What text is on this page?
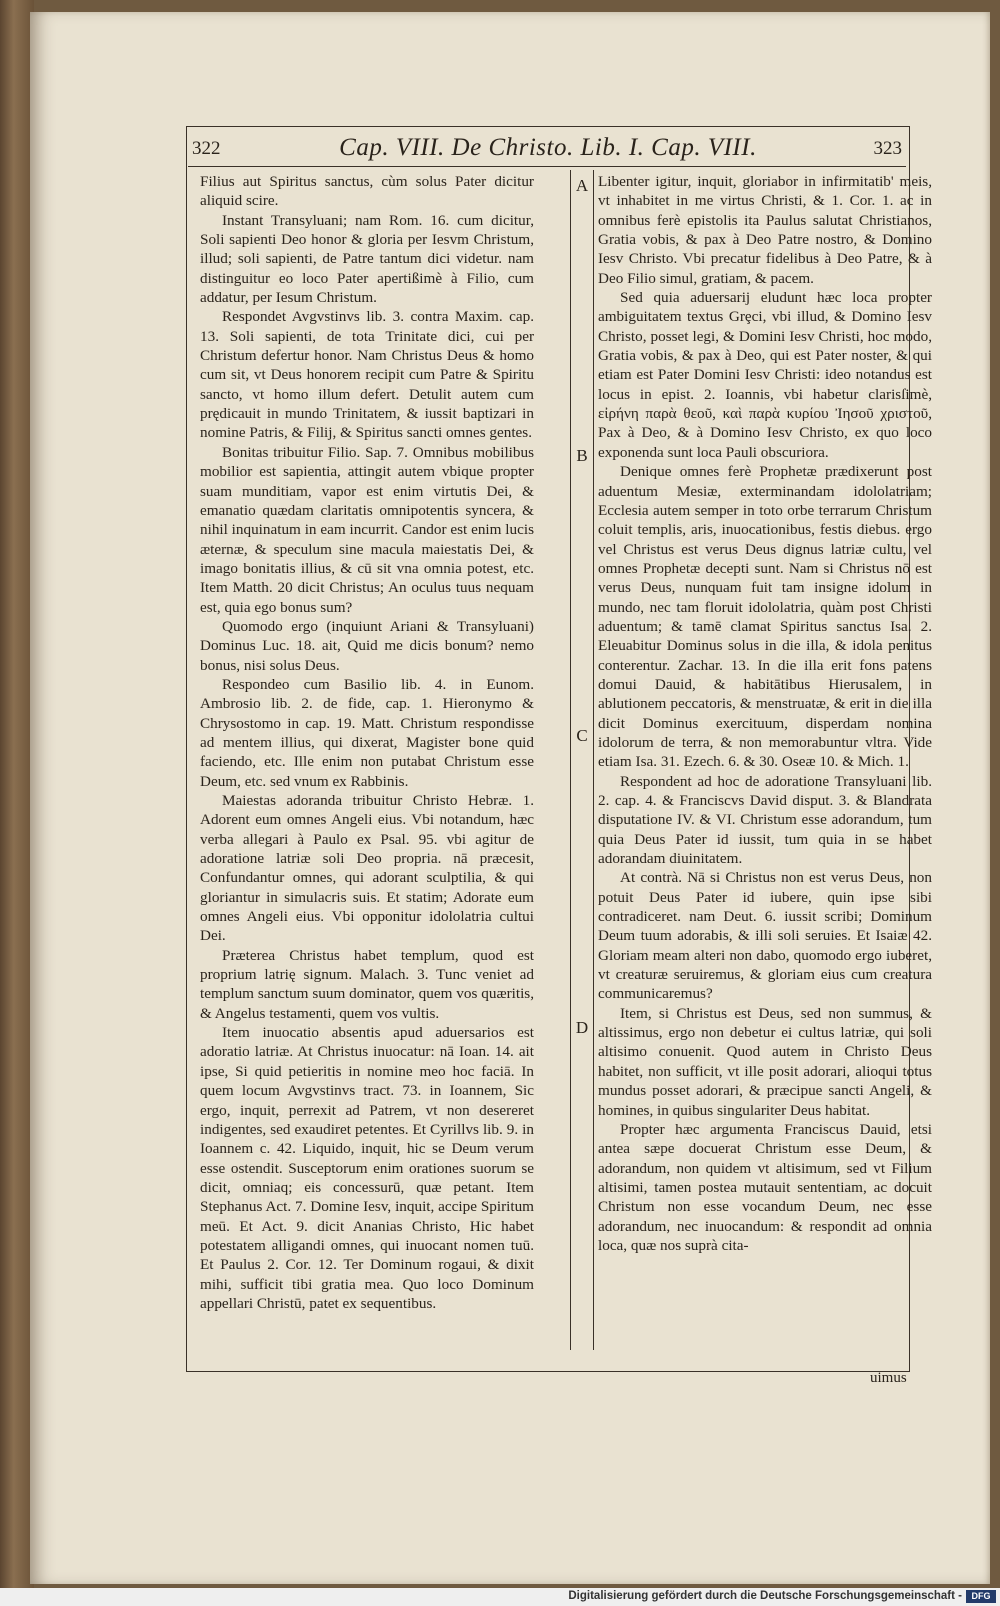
322	Cap. VIII. De Christo. Lib. I. Cap. VIII.	323

Filius aut Spiritus sanctus, cùm solus Pater dicitur aliquid scire.

Instant Transyluani; nam Rom. 16. cum dicitur, Soli sapienti Deo honor & gloria per Iesvm Christum, illud; soli sapienti, de Patre tantum dici videtur. nam distinguitur eo loco Pater apertißimè à Filio, cum addatur, per Iesum Christum.

Respondet Avgvstinvs lib. 3. contra Maxim. cap. 13. Soli sapienti, de tota Trinitate dici, cui per Christum defertur honor. Nam Christus Deus & homo cum sit, vt Deus honorem recipit cum Patre & Spiritu sancto, vt homo illum defert. Detulit autem cum prędicauit in mundo Trinitatem, & iussit baptizari in nomine Patris, & Filij, & Spiritus sancti omnes gentes.

Bonitas tribuitur Filio. Sap. 7. Omnibus mobilibus mobilior est sapientia, attingit autem vbique propter suam munditiam, vapor est enim virtutis Dei, & emanatio quædam claritatis omnipotentis syncera, & nihil inquinatum in eam incurrit. Candor est enim lucis æternæ, & speculum sine macula maiestatis Dei, & imago bonitatis illius, & cū sit vna omnia potest, etc. Item Matth. 20 dicit Christus; An oculus tuus nequam est, quia ego bonus sum?

Quomodo ergo (inquiunt Ariani & Transyluani) Dominus Luc. 18. ait, Quid me dicis bonum? nemo bonus, nisi solus Deus.

Respondeo cum Basilio lib. 4. in Eunom. Ambrosio lib. 2. de fide, cap. 1. Hieronymo & Chrysostomo in cap. 19. Matt. Christum respondisse ad mentem illius, qui dixerat, Magister bone quid faciendo, etc. Ille enim non putabat Christum esse Deum, etc. sed vnum ex Rabbinis.

Maiestas adoranda tribuitur Christo Hebræ. 1. Adorent eum omnes Angeli eius. Vbi notandum, hæc verba allegari à Paulo ex Psal. 95. vbi agitur de adoratione latriæ soli Deo propria. nā præcesit, Confundantur omnes, qui adorant sculptilia, & qui gloriantur in simulacris suis. Et statim; Adorate eum omnes Angeli eius. Vbi opponitur idololatria cultui Dei.

Præterea Christus habet templum, quod est proprium latrię signum. Malach. 3. Tunc veniet ad templum sanctum suum dominator, quem vos quæritis, & Angelus testamenti, quem vos vultis.

Item inuocatio absentis apud aduersarios est adoratio latriæ. At Christus inuocatur: nā Ioan. 14. ait ipse, Si quid petieritis in nomine meo hoc faciā. In quem locum Avgvstinvs tract. 73. in Ioannem, Sic ergo, inquit, perrexit ad Patrem, vt non desereret indigentes, sed exaudiret petentes. Et Cyrillvs lib. 9. in Ioannem c. 42. Liquido, inquit, hic se Deum verum esse ostendit. Susceptorum enim orationes suorum se dicit, omniaq; eis concessurū, quæ petant. Item Stephanus Act. 7. Domine Iesv, inquit, accipe Spiritum meū. Et Act. 9. dicit Ananias Christo, Hic habet potestatem alligandi omnes, qui inuocant nomen tuū. Et Paulus 2. Cor. 12. Ter Dominum rogaui, & dixit mihi, sufficit tibi gratia mea. Quo loco Dominum appellari Christū, patet ex sequentibus.

A
B
C
D

Libenter igitur, inquit, gloriabor in infirmitatib' meis, vt inhabitet in me virtus Christi, & 1. Cor. 1. ac in omnibus ferè epistolis ita Paulus salutat Christianos, Gratia vobis, & pax à Deo Patre nostro, & Domino Iesv Christo. Vbi precatur fidelibus à Deo Patre, & à Deo Filio simul, gratiam, & pacem.

Sed quia aduersarij eludunt hæc loca propter ambiguitatem textus Grȩci, vbi illud, & Domino Iesv Christo, posset legi, & Domini Iesv Christi, hoc modo, Gratia vobis, & pax à Deo, qui est Pater noster, & qui etiam est Pater Domini Iesv Christi: ideo notandus est locus in epist. 2. Ioannis, vbi habetur clarisſimè, εἰρήνη παρὰ θεοῦ, καὶ παρὰ κυρίου Ἰησοῦ χριστοῦ, Pax à Deo, & à Domino Iesv Christo, ex quo loco exponenda sunt loca Pauli obscuriora.

Denique omnes ferè Prophetæ prædixerunt post aduentum Mesiæ, exterminandam idololatriam; Ecclesia autem semper in toto orbe terrarum Christum coluit templis, aris, inuocationibus, festis diebus. ergo vel Christus est verus Deus dignus latriæ cultu, vel omnes Prophetæ decepti sunt. Nam si Christus nō est verus Deus, nunquam fuit tam insigne idolum in mundo, nec tam floruit idololatria, quàm post Christi aduentum; & tamē clamat Spiritus sanctus Isa. 2. Eleuabitur Dominus solus in die illa, & idola penitus conterentur. Zachar. 13. In die illa erit fons patens domui Dauid, & habitātibus Hierusalem, in ablutionem peccatoris, & menstruatæ, & erit in die illa dicit Dominus exercituum, disperdam nomina idolorum de terra, & non memorabuntur vltra. Vide etiam Isa. 31. Ezech. 6. & 30. Oseæ 10. & Mich. 1.

Respondent ad hoc de adoratione Transyluani lib. 2. cap. 4. & Franciscvs David disput. 3. & Blandrata disputatione IV. & VI. Christum esse adorandum, tum quia Deus Pater id iussit, tum quia in se habet adorandam diuinitatem.

At contrà. Nā si Christus non est verus Deus, non potuit Deus Pater id iubere, quin ipse sibi contradiceret. nam Deut. 6. iussit scribi; Dominum Deum tuum adorabis, & illi soli seruies. Et Isaiæ 42. Gloriam meam alteri non dabo, quomodo ergo iuberet, vt creaturæ seruiremus, & gloriam eius cum creatura communicaremus?

Item, si Christus est Deus, sed non summus, & altissimus, ergo non debetur ei cultus latriæ, qui soli altisimo conuenit. Quod autem in Christo Deus habitet, non sufficit, vt ille posit adorari, alioqui totus mundus posset adorari, & præcipue sancti Angeli, & homines, in quibus singulariter Deus habitat.

Propter hæc argumenta Franciscus Dauid, etsi antea sæpe docuerat Christum esse Deum, & adorandum, non quidem vt altisimum, sed vt Filium altisimi, tamen postea mutauit sententiam, ac docuit Christum non esse vocandum Deum, nec esse adorandum, nec inuocandum: & respondit ad omnia loca, quæ nos suprà cita-

uimus
Digitalisierung gefördert durch die Deutsche Forschungsgemeinschaft -	DFG
